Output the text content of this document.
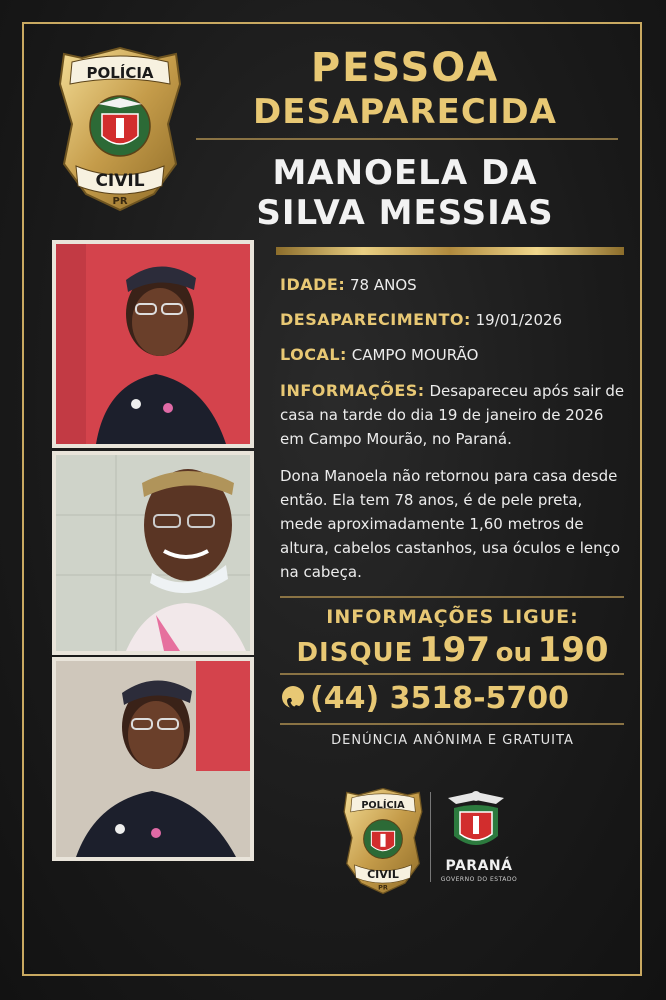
POLÍCIA
CIVIL
PR
PESSOA
DESAPARECIDA
MANOELA DA
SILVA MESSIAS
IDADE: 78 ANOS
DESAPARECIMENTO: 19/01/2026
LOCAL: CAMPO MOURÃO
INFORMAÇÕES: Desapareceu após sair de casa na tarde do dia 19 de janeiro de 2026 em Campo Mourão, no Paraná.
Dona Manoela não retornou para casa desde então. Ela tem 78 anos, é de pele preta, mede aproximadamente 1,60 metros de altura, cabelos castanhos, usa óculos e lenço na cabeça.
INFORMAÇÕES LIGUE:
DISQUE 197 ou 190
(44) 3518-5700
DENÚNCIA ANÔNIMA E GRATUITA
POLÍCIA
CIVIL
PR
PARANÁ
GOVERNO DO ESTADO
